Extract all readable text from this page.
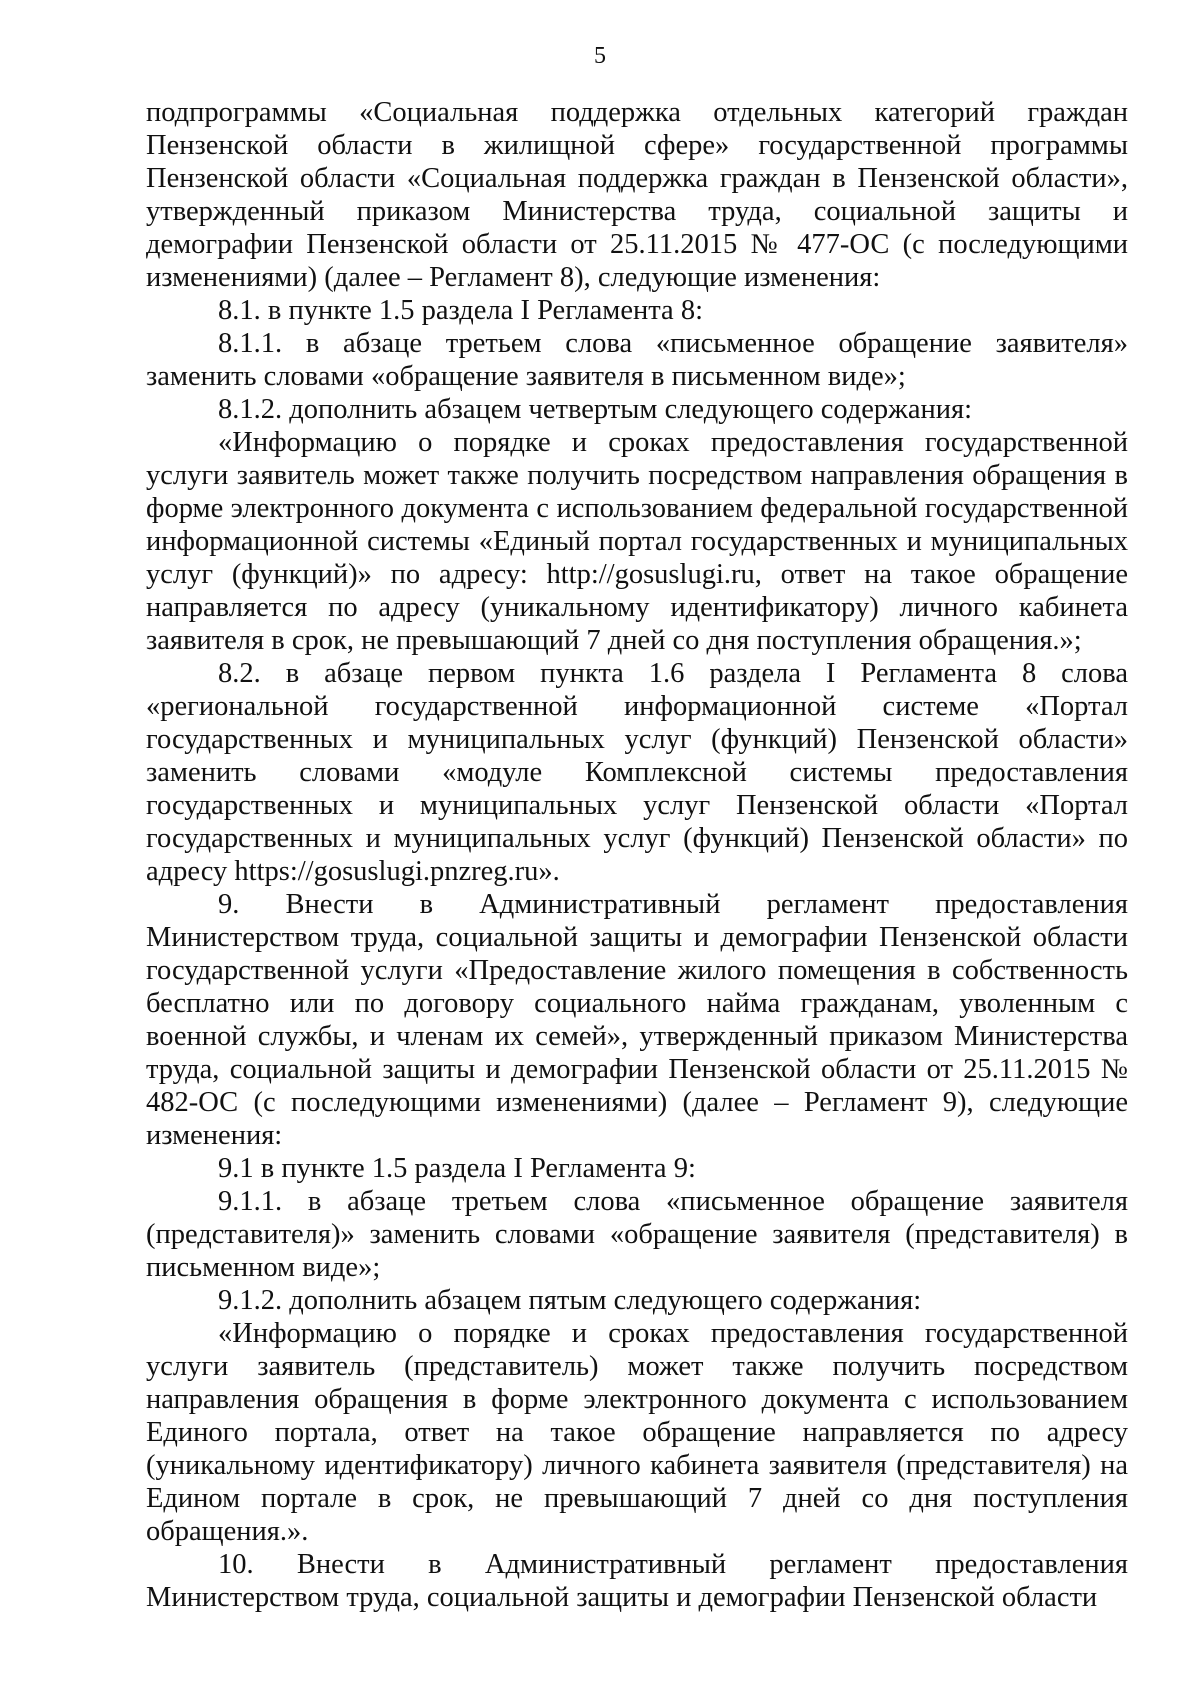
5

подпрограммы «Социальная поддержка отдельных категорий граждан Пензенской области в жилищной сфере» государственной программы Пензенской области «Социальная поддержка граждан в Пензенской области», утвержденный приказом Министерства труда, социальной защиты и демографии Пензенской области от 25.11.2015 № 477-ОС (с последующими изменениями) (далее – Регламент 8), следующие изменения:

8.1. в пункте 1.5 раздела I Регламента 8:

8.1.1. в абзаце третьем слова «письменное обращение заявителя» заменить словами «обращение заявителя в письменном виде»;

8.1.2. дополнить абзацем четвертым следующего содержания:

«Информацию о порядке и сроках предоставления государственной услуги заявитель может также получить посредством направления обращения в форме электронного документа с использованием федеральной государственной информационной системы «Единый портал государственных и муниципальных услуг (функций)» по адресу: http://gosuslugi.ru, ответ на такое обращение направляется по адресу (уникальному идентификатору) личного кабинета заявителя в срок, не превышающий 7 дней со дня поступления обращения.»;

8.2. в абзаце первом пункта 1.6 раздела I Регламента 8 слова «региональной государственной информационной системе «Портал государственных и муниципальных услуг (функций) Пензенской области» заменить словами «модуле Комплексной системы предоставления государственных и муниципальных услуг Пензенской области «Портал государственных и муниципальных услуг (функций) Пензенской области» по адресу https://gosuslugi.pnzreg.ru».

9. Внести в Административный регламент предоставления Министерством труда, социальной защиты и демографии Пензенской области государственной услуги «Предоставление жилого помещения в собственность бесплатно или по договору социального найма гражданам, уволенным с военной службы, и членам их семей», утвержденный приказом Министерства труда, социальной защиты и демографии Пензенской области от 25.11.2015 № 482-ОС (с последующими изменениями) (далее – Регламент 9), следующие изменения:

9.1 в пункте 1.5 раздела I Регламента 9:

9.1.1. в абзаце третьем слова «письменное обращение заявителя (представителя)» заменить словами «обращение заявителя (представителя) в письменном виде»;

9.1.2. дополнить абзацем пятым следующего содержания:

«Информацию о порядке и сроках предоставления государственной услуги заявитель (представитель) может также получить посредством направления обращения в форме электронного документа с использованием Единого портала, ответ на такое обращение направляется по адресу (уникальному идентификатору) личного кабинета заявителя (представителя) на Едином портале в срок, не превышающий 7 дней со дня поступления обращения.».

10. Внести в Административный регламент предоставления Министерством труда, социальной защиты и демографии Пензенской области
